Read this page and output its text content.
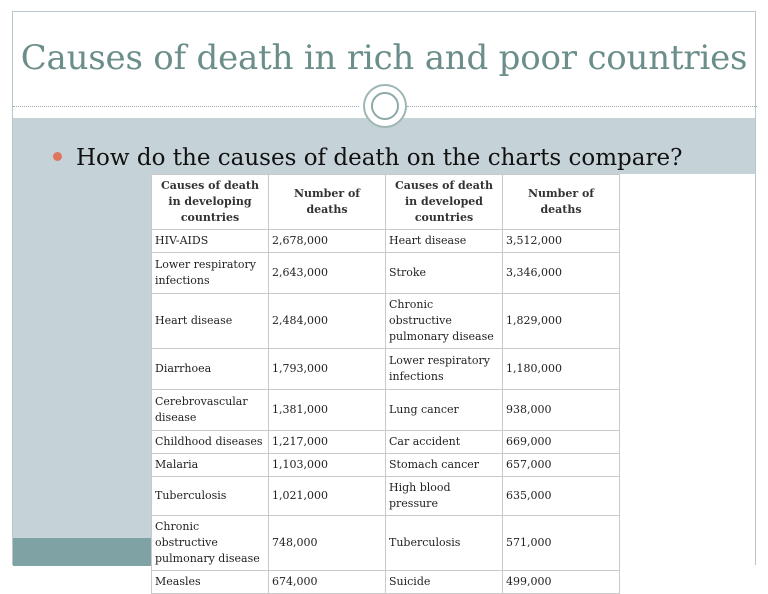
Causes of death in rich and poor countries
How do the causes of death on the charts compare?
Causes of death in developing countries	Number of deaths	Causes of death in developed countries	Number of deaths
HIV-AIDS	2,678,000	Heart disease	3,512,000
Lower respiratory infections	2,643,000	Stroke	3,346,000
Heart disease	2,484,000	Chronic obstructive pulmonary disease	1,829,000
Diarrhoea	1,793,000	Lower respiratory infections	1,180,000
Cerebrovascular disease	1,381,000	Lung cancer	938,000
Childhood diseases	1,217,000	Car accident	669,000
Malaria	1,103,000	Stomach cancer	657,000
Tuberculosis	1,021,000	High blood pressure	635,000
Chronic obstructive pulmonary disease	748,000	Tuberculosis	571,000
Measles	674,000	Suicide	499,000
